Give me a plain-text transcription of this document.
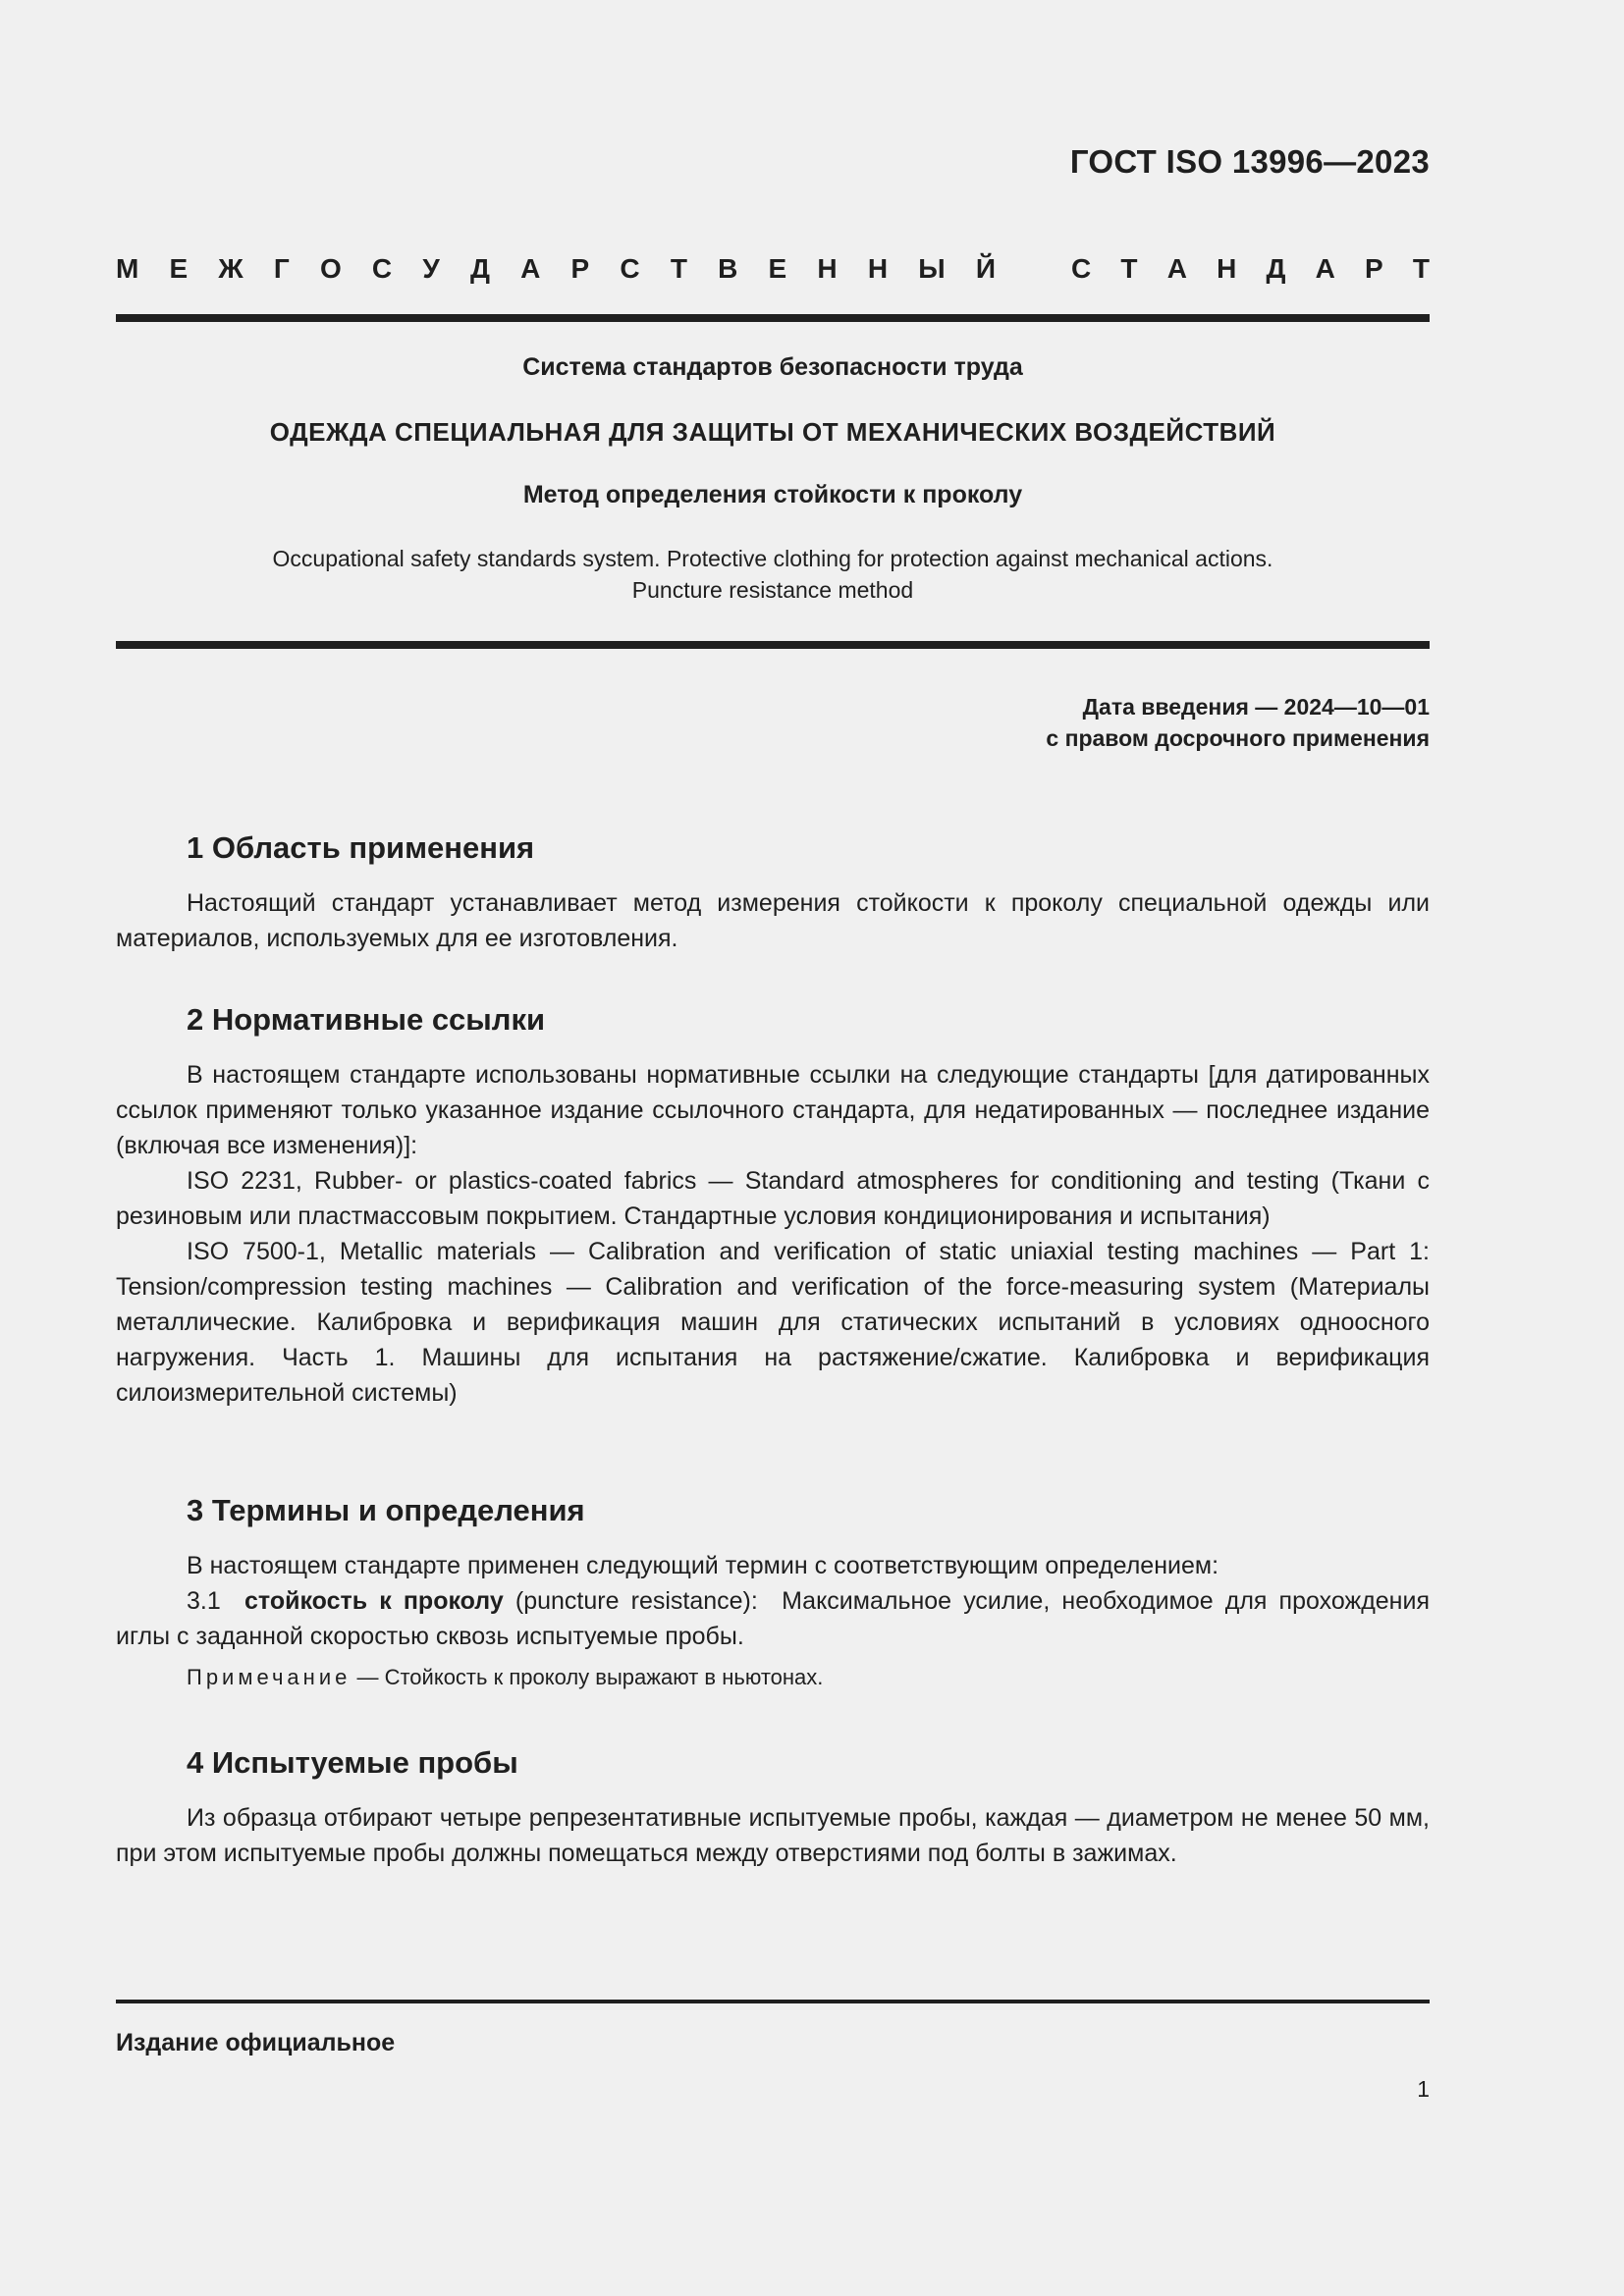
ГОСТ ISO 13996—2023
М Е Ж Г О С У Д А Р С Т В Е Н Н Ы Й	С Т А Н Д А Р Т
Система стандартов безопасности труда
ОДЕЖДА СПЕЦИАЛЬНАЯ ДЛЯ ЗАЩИТЫ ОТ МЕХАНИЧЕСКИХ ВОЗДЕЙСТВИЙ
Метод определения стойкости к проколу
Occupational safety standards system. Protective clothing for protection against mechanical actions.
Puncture resistance method
Дата введения — 2024—10—01
с правом досрочного применения
1 Область применения

Настоящий стандарт устанавливает метод измерения стойкости к проколу специальной одежды или материалов, используемых для ее изготовления.

2 Нормативные ссылки

В настоящем стандарте использованы нормативные ссылки на следующие стандарты [для датированных ссылок применяют только указанное издание ссылочного стандарта, для недатированных — последнее издание (включая все изменения)]:

ISO 2231, Rubber- or plastics-coated fabrics — Standard atmospheres for conditioning and testing (Ткани с резиновым или пластмассовым покрытием. Стандартные условия кондиционирования и испытания)

ISO 7500-1, Metallic materials — Calibration and verification of static uniaxial testing machines — Part 1: Tension/compression testing machines — Calibration and verification of the force-measuring system (Материалы металлические. Калибровка и верификация машин для статических испытаний в условиях одноосного нагружения. Часть 1. Машины для испытания на растяжение/сжатие. Калибровка и верификация силоизмерительной системы)

3 Термины и определения

В настоящем стандарте применен следующий термин с соответствующим определением:

3.1 стойкость к проколу (puncture resistance): Максимальное усилие, необходимое для прохождения иглы с заданной скоростью сквозь испытуемые пробы.

Примечание — Стойкость к проколу выражают в ньютонах.

4 Испытуемые пробы

Из образца отбирают четыре репрезентативные испытуемые пробы, каждая — диаметром не менее 50 мм, при этом испытуемые пробы должны помещаться между отверстиями под болты в зажимах.

Издание официальное
1
